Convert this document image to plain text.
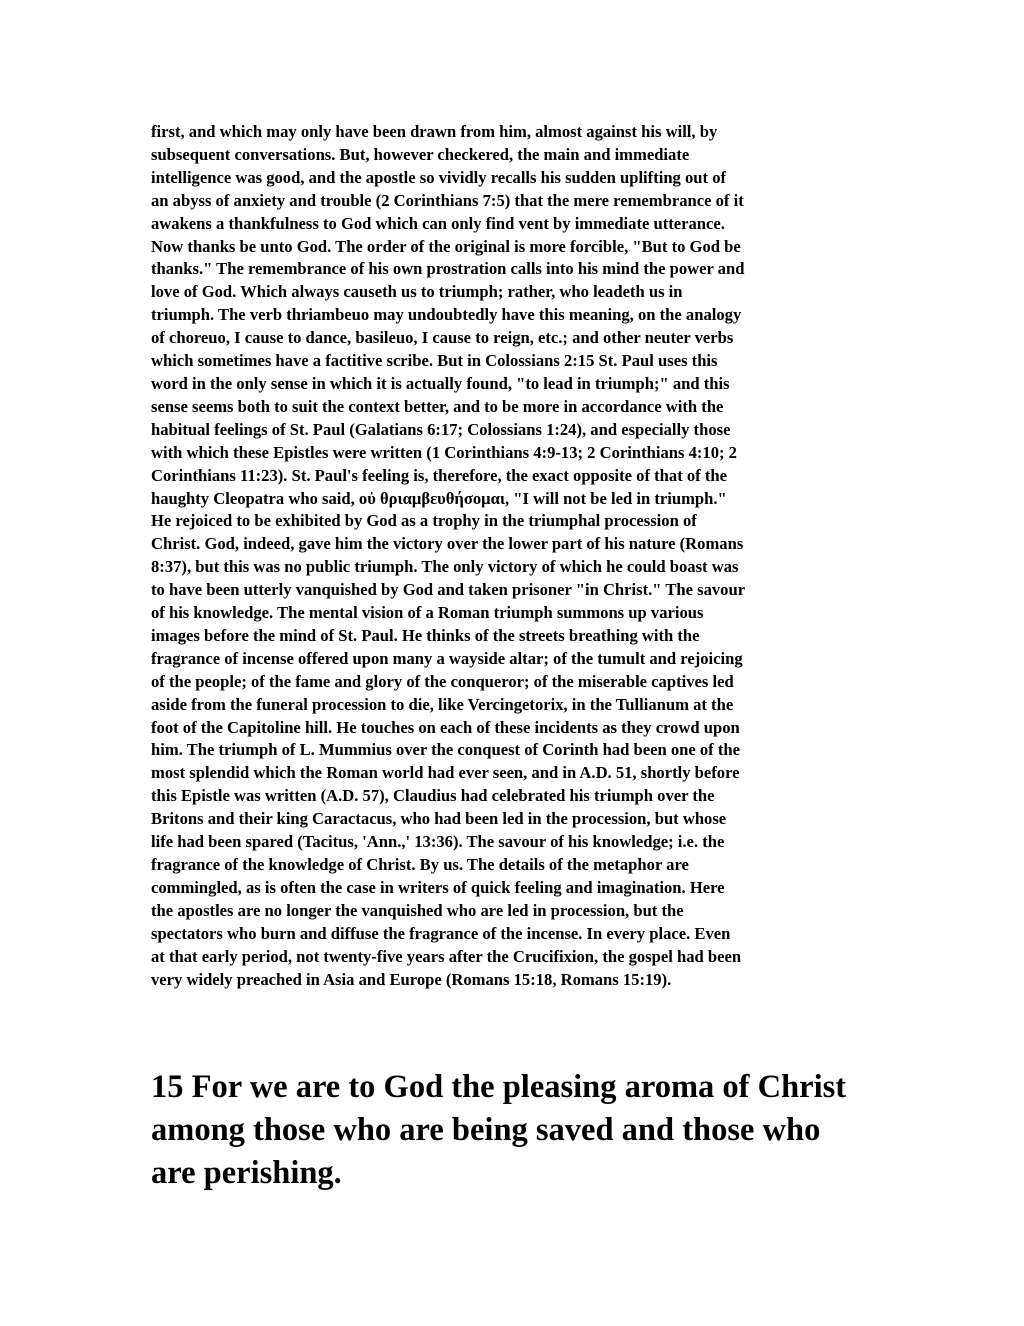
first, and which may only have been drawn from him, almost against his will, by
subsequent conversations. But, however checkered, the main and immediate
intelligence was good, and the apostle so vividly recalls his sudden uplifting out of
an abyss of anxiety and trouble (2 Corinthians 7:5) that the mere remembrance of it
awakens a thankfulness to God which can only find vent by immediate utterance.
Now thanks be unto God. The order of the original is more forcible, "But to God be
thanks." The remembrance of his own prostration calls into his mind the power and
love of God. Which always causeth us to triumph; rather, who leadeth us in
triumph. The verb thriambeuo may undoubtedly have this meaning, on the analogy
of choreuo, I cause to dance, basileuo, I cause to reign, etc.; and other neuter verbs
which sometimes have a factitive scribe. But in Colossians 2:15 St. Paul uses this
word in the only sense in which it is actually found, "to lead in triumph;" and this
sense seems both to suit the context better, and to be more in accordance with the
habitual feelings of St. Paul (Galatians 6:17; Colossians 1:24), and especially those
with which these Epistles were written (1 Corinthians 4:9-13; 2 Corinthians 4:10; 2
Corinthians 11:23). St. Paul's feeling is, therefore, the exact opposite of that of the
haughty Cleopatra who said, οὐ θριαμβευθήσομαι, "I will not be led in triumph."
He rejoiced to be exhibited by God as a trophy in the triumphal procession of
Christ. God, indeed, gave him the victory over the lower part of his nature (Romans
8:37), but this was no public triumph. The only victory of which he could boast was
to have been utterly vanquished by God and taken prisoner "in Christ." The savour
of his knowledge. The mental vision of a Roman triumph summons up various
images before the mind of St. Paul. He thinks of the streets breathing with the
fragrance of incense offered upon many a wayside altar; of the tumult and rejoicing
of the people; of the fame and glory of the conqueror; of the miserable captives led
aside from the funeral procession to die, like Vercingetorix, in the Tullianum at the
foot of the Capitoline hill. He touches on each of these incidents as they crowd upon
him. The triumph of L. Mummius over the conquest of Corinth had been one of the
most splendid which the Roman world had ever seen, and in A.D. 51, shortly before
this Epistle was written (A.D. 57), Claudius had celebrated his triumph over the
Britons and their king Caractacus, who had been led in the procession, but whose
life had been spared (Tacitus, 'Ann.,' 13:36). The savour of his knowledge; i.e. the
fragrance of the knowledge of Christ. By us. The details of the metaphor are
commingled, as is often the case in writers of quick feeling and imagination. Here
the apostles are no longer the vanquished who are led in procession, but the
spectators who burn and diffuse the fragrance of the incense. In every place. Even
at that early period, not twenty-five years after the Crucifixion, the gospel had been
very widely preached in Asia and Europe (Romans 15:18, Romans 15:19).
15 For we are to God the pleasing aroma of Christ
among those who are being saved and those who
are perishing.
